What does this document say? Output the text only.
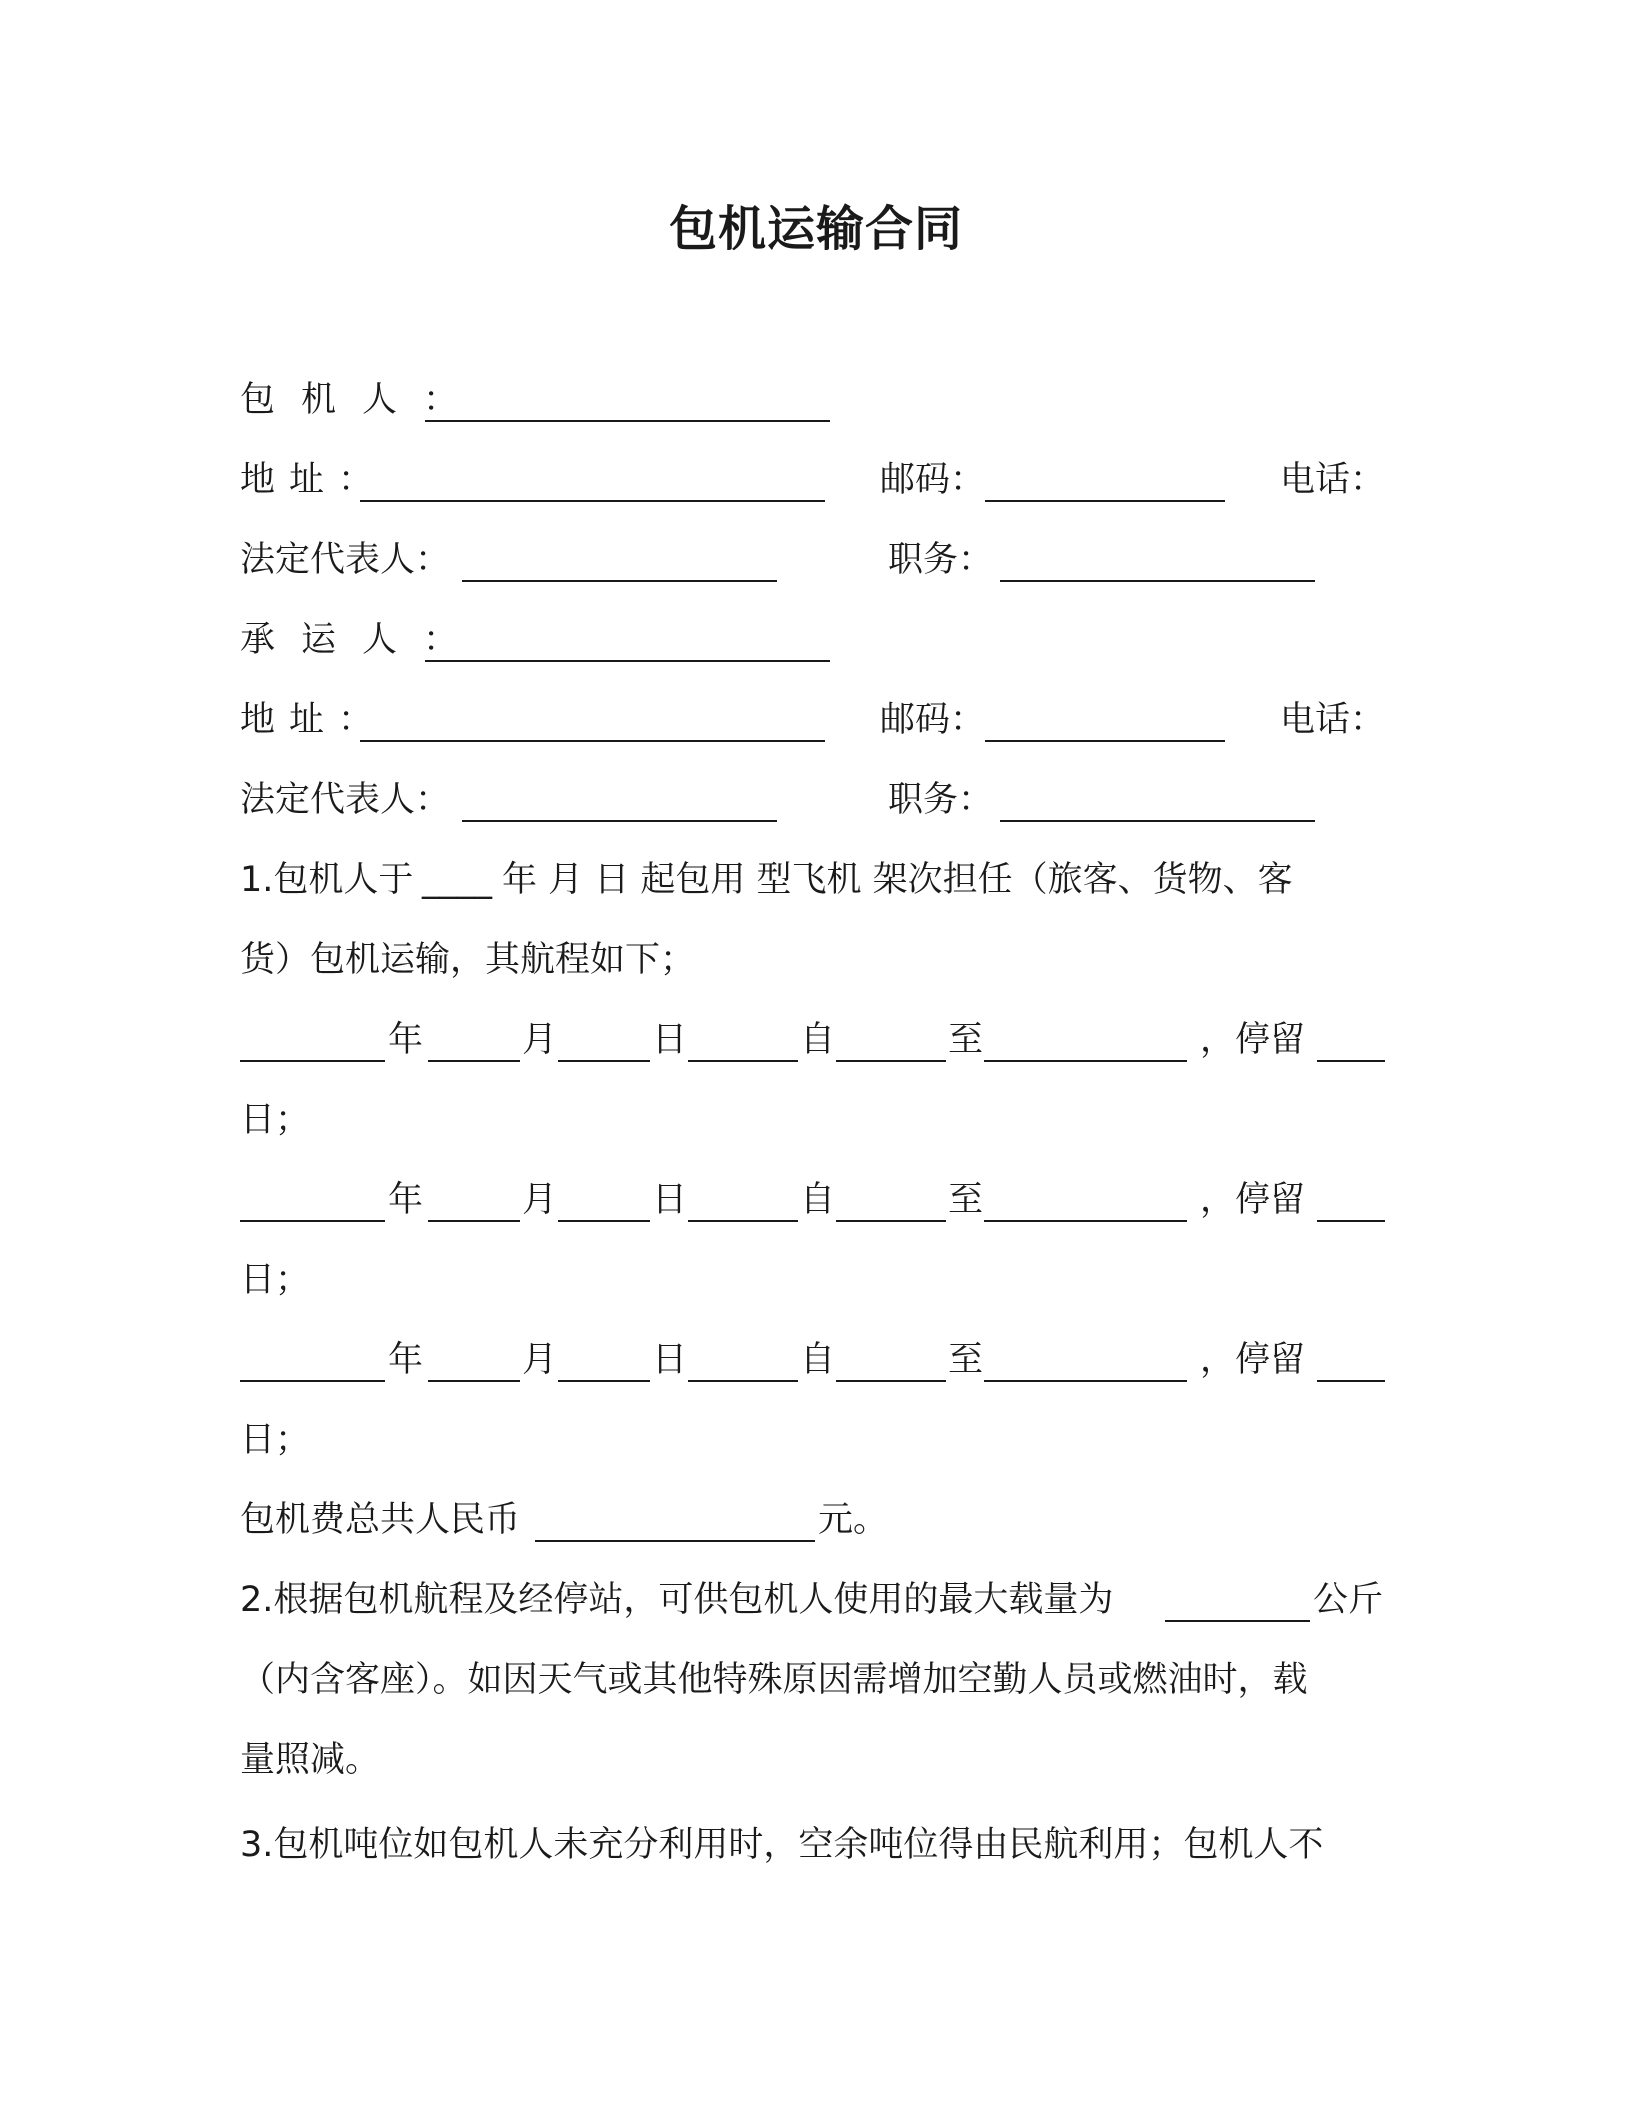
包机运输合同
包机人：
地址：	邮码：	电话：
法定代表人：	职务：
承运人：
地址：	邮码：	电话：
法定代表人：	职务：
1.包机人于 ____ 年 月 日 起包用 型飞机 架次担任（旅客、货物、客
货）包机运输，其航程如下；
年	月	日	自	至	，停留
日；
年	月	日	自	至	，停留
日；
年	月	日	自	至	，停留
日；
包机费总共人民币	元。
2.根据包机航程及经停站，可供包机人使用的最大载量为	公斤
（内含客座）。如因天气或其他特殊原因需增加空勤人员或燃油时，载
量照减。
3.包机吨位如包机人未充分利用时，空余吨位得由民航利用；包机人不
